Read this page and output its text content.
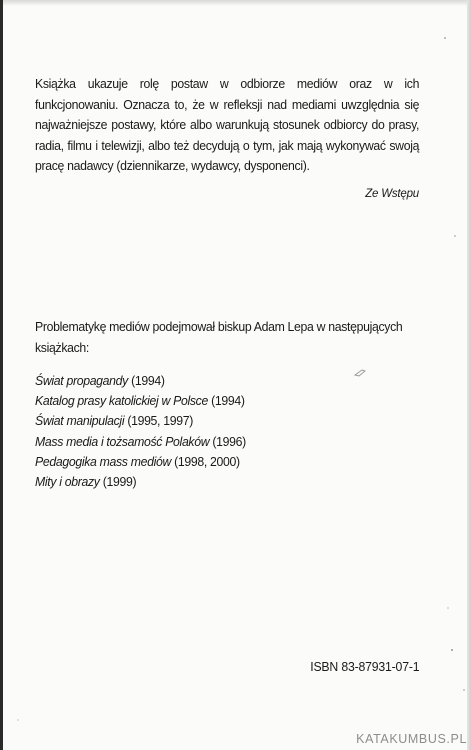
Książka ukazuje rolę postaw w odbiorze mediów oraz w ich funkcjonowaniu. Oznacza to, że w refleksji nad mediami uwzględnia się najważniejsze postawy, które albo warunkują stosunek odbiorcy do prasy, radia, filmu i telewizji, albo też decydują o tym, jak mają wykonywać swoją pracę nadawcy (dziennikarze, wydawcy, dysponenci).

Ze Wstępu

Problematykę mediów podejmował biskup Adam Lepa w następujących książkach:

Świat propagandy (1994)
Katalog prasy katolickiej w Polsce (1994)
Świat manipulacji (1995, 1997)
Mass media i tożsamość Polaków (1996)
Pedagogika mass mediów (1998, 2000)
Mity i obrazy (1999)
ISBN 83-87931-07-1
KATAKUMBUS.PL
